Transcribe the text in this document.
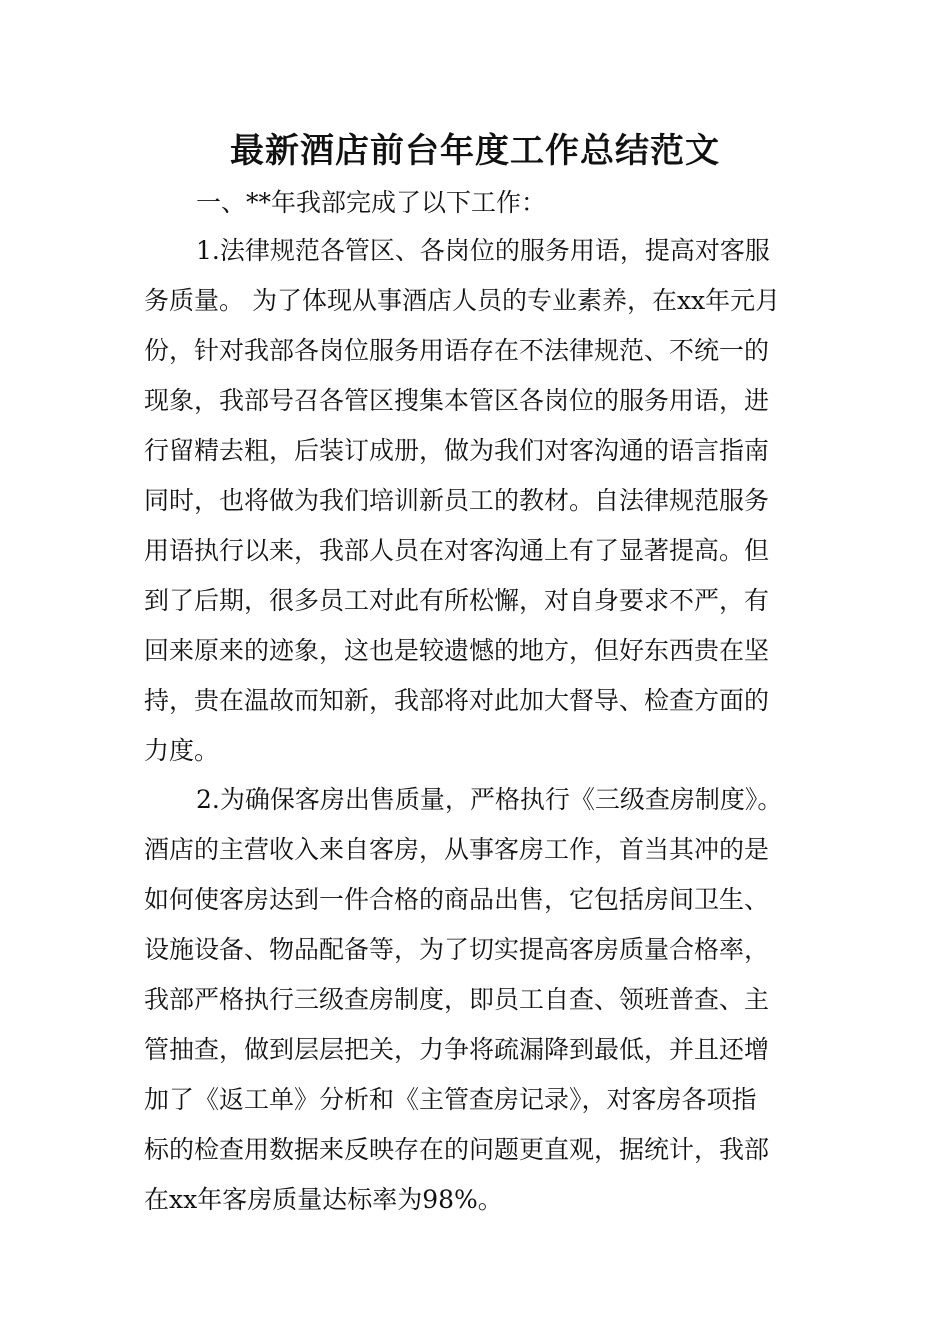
最新酒店前台年度工作总结范文

一、**年我部完成了以下工作：

1.法律规范各管区、各岗位的服务用语，提高对客服
务质量。 为了体现从事酒店人员的专业素养，在xx年元月
份，针对我部各岗位服务用语存在不法律规范、不统一的
现象，我部号召各管区搜集本管区各岗位的服务用语，进
行留精去粗，后装订成册，做为我们对客沟通的语言指南
同时，也将做为我们培训新员工的教材。自法律规范服务
用语执行以来，我部人员在对客沟通上有了显著提高。但
到了后期，很多员工对此有所松懈，对自身要求不严，有
回来原来的迹象，这也是较遗憾的地方，但好东西贵在坚
持，贵在温故而知新，我部将对此加大督导、检查方面的
力度。
2.为确保客房出售质量，严格执行《三级查房制度》。
酒店的主营收入来自客房，从事客房工作，首当其冲的是
如何使客房达到一件合格的商品出售，它包括房间卫生、
设施设备、物品配备等，为了切实提高客房质量合格率，
我部严格执行三级查房制度，即员工自查、领班普查、主
管抽查，做到层层把关，力争将疏漏降到最低，并且还增
加了《返工单》分析和《主管查房记录》，对客房各项指
标的检查用数据来反映存在的问题更直观，据统计，我部
在xx年客房质量达标率为98%。
